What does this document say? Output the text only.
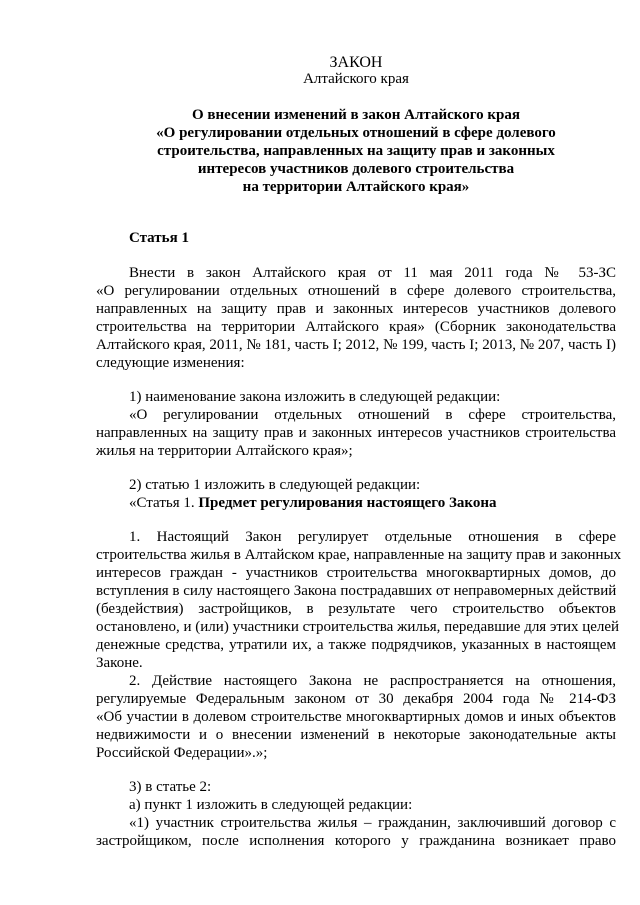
ЗАКОН
Алтайского края
О внесении изменений в закон Алтайского края
«О регулировании отдельных отношений в сфере долевого
строительства, направленных на защиту прав и законных
интересов участников долевого строительства
на территории Алтайского края»
Статья 1
Внести в закон Алтайского края от 11 мая 2011 года № 53-ЗС
«О регулировании отдельных отношений в сфере долевого строительства,
направленных на защиту прав и законных интересов участников долевого
строительства на территории Алтайского края» (Сборник законодательства
Алтайского края, 2011, № 181, часть I; 2012, № 199, часть I; 2013, № 207, часть I)
следующие изменения:
1) наименование закона изложить в следующей редакции:
«О регулировании отдельных отношений в сфере строительства,
направленных на защиту прав и законных интересов участников строительства
жилья на территории Алтайского края»;
2) статью 1 изложить в следующей редакции:
«Статья 1. Предмет регулирования настоящего Закона
1. Настоящий Закон регулирует отдельные отношения в сфере
строительства жилья в Алтайском крае, направленные на защиту прав и законных
интересов граждан - участников строительства многоквартирных домов, до
вступления в силу настоящего Закона пострадавших от неправомерных действий
(бездействия) застройщиков, в результате чего строительство объектов
остановлено, и (или) участники строительства жилья, передавшие для этих целей
денежные средства, утратили их, а также подрядчиков, указанных в настоящем
Законе.
2. Действие настоящего Закона не распространяется на отношения,
регулируемые Федеральным законом от 30 декабря 2004 года № 214-ФЗ
«Об участии в долевом строительстве многоквартирных домов и иных объектов
недвижимости и о внесении изменений в некоторые законодательные акты
Российской Федерации».»;
3) в статье 2:
а) пункт 1 изложить в следующей редакции:
«1) участник строительства жилья – гражданин, заключивший договор с
застройщиком, после исполнения которого у гражданина возникает право
